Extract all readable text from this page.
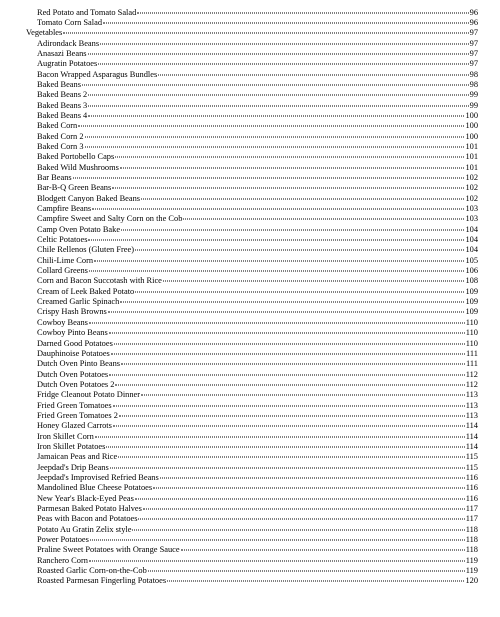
Red Potato and Tomato Salad	96
Tomato Corn Salad	96
Vegetables	97
Adirondack Beans	97
Anasazi Beans	97
Augratin Potatoes	97
Bacon Wrapped Asparagus Bundles	98
Baked Beans	98
Baked Beans 2	99
Baked Beans 3	99
Baked Beans 4	100
Baked Corn	100
Baked Corn 2	100
Baked Corn 3	101
Baked Portobello Caps	101
Baked Wild Mushrooms	101
Bar Beans	102
Bar-B-Q Green Beans	102
Blodgett Canyon Baked Beans	102
Campfire Beans	103
Campfire Sweet and Salty Corn on the Cob	103
Camp Oven Potato Bake	104
Celtic Potatoes	104
Chile Rellenos (Gluten Free)	104
Chili-Lime Corn	105
Collard Greens	106
Corn and Bacon Succotash with Rice	108
Cream of Leek Baked Potato	109
Creamed Garlic Spinach	109
Crispy Hash Browns	109
Cowboy Beans	110
Cowboy Pinto Beans	110
Darned Good Potatoes	110
Dauphinoise Potatoes	111
Dutch Oven Pinto Beans	111
Dutch Oven Potatoes	112
Dutch Oven Potatoes 2	112
Fridge Cleanout Potato Dinner	113
Fried Green Tomatoes	113
Fried Green Tomatoes 2	113
Honey Glazed Carrots	114
Iron Skillet Corn	114
Iron Skillet Potatoes	114
Jamaican Peas and Rice	115
Jeepdad's Drip Beans	115
Jeepdad's Improvised Refried Beans	116
Mandolined Blue Cheese Potatoes	116
New Year's Black-Eyed Peas	116
Parmesan Baked Potato Halves	117
Peas with Bacon and Potatoes	117
Potato Au Gratin Zelix style	118
Power Potatoes	118
Praline Sweet Potatoes with Orange Sauce	118
Ranchero Corn	119
Roasted Garlic Corn-on-the-Cob	119
Roasted Parmesan Fingerling Potatoes	120
